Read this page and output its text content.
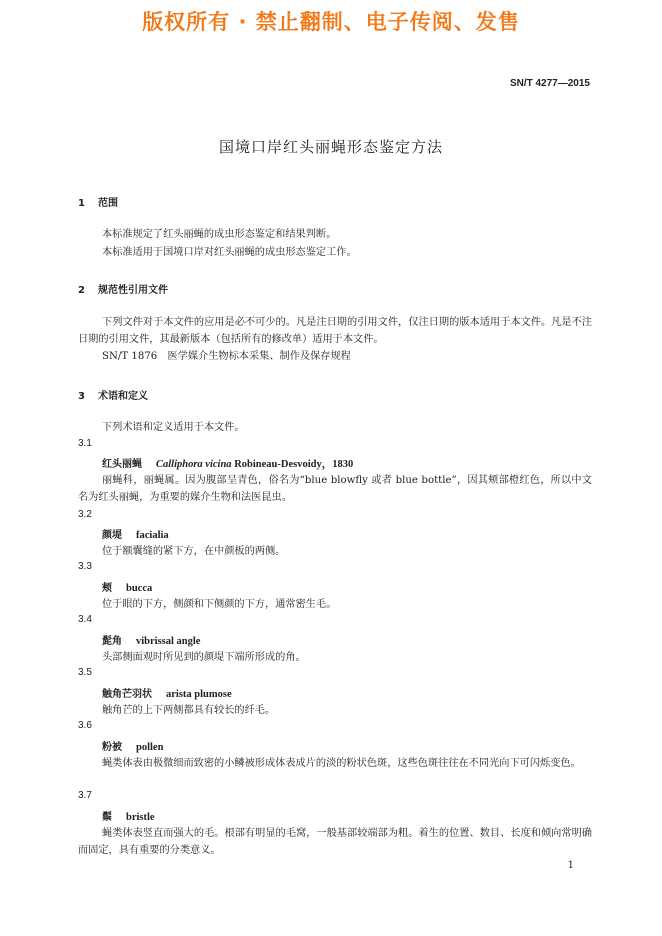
版权所有 · 禁止翻制、电子传阅、发售
SN/T 4277—2015
国境口岸红头丽蝇形态鉴定方法
1 范围

本标准规定了红头丽蝇的成虫形态鉴定和结果判断。

本标准适用于国境口岸对红头丽蝇的成虫形态鉴定工作。

2 规范性引用文件

下列文件对于本文件的应用是必不可少的。凡是注日期的引用文件，仅注日期的版本适用于本文件。凡是不注日期的引用文件，其最新版本（包括所有的修改单）适用于本文件。

SN/T 1876　医学媒介生物标本采集、制作及保存规程

3 术语和定义

下列术语和定义适用于本文件。

3.1
红头丽蝇 Calliphora vicina Robineau-Desvoidy，1830

丽蝇科，丽蝇属。因为腹部呈青色，俗名为“blue blowfly 或者 blue bottle”，因其颊部橙红色，所以中文名为红头丽蝇，为重要的媒介生物和法医昆虫。

3.2
颜堤 facialia

位于额囊缝的紧下方，在中颜板的两侧。

3.3
颊 bucca

位于眼的下方，侧颜和下侧颜的下方，通常密生毛。

3.4
髭角 vibrissal angle

头部侧面观时所见到的颜堤下端所形成的角。

3.5
触角芒羽状 arista plumose

触角芒的上下两侧都具有较长的纤毛。

3.6
粉被 pollen

蝇类体表由极微细而致密的小鳞被形成体表成片的淡的粉状色斑，这些色斑往往在不同光向下可闪烁变色。

3.7
鬃 bristle

蝇类体表竖直而强大的毛。根部有明显的毛窝，一般基部较端部为粗。着生的位置、数目、长度和倾向常明确而固定，具有重要的分类意义。

1
